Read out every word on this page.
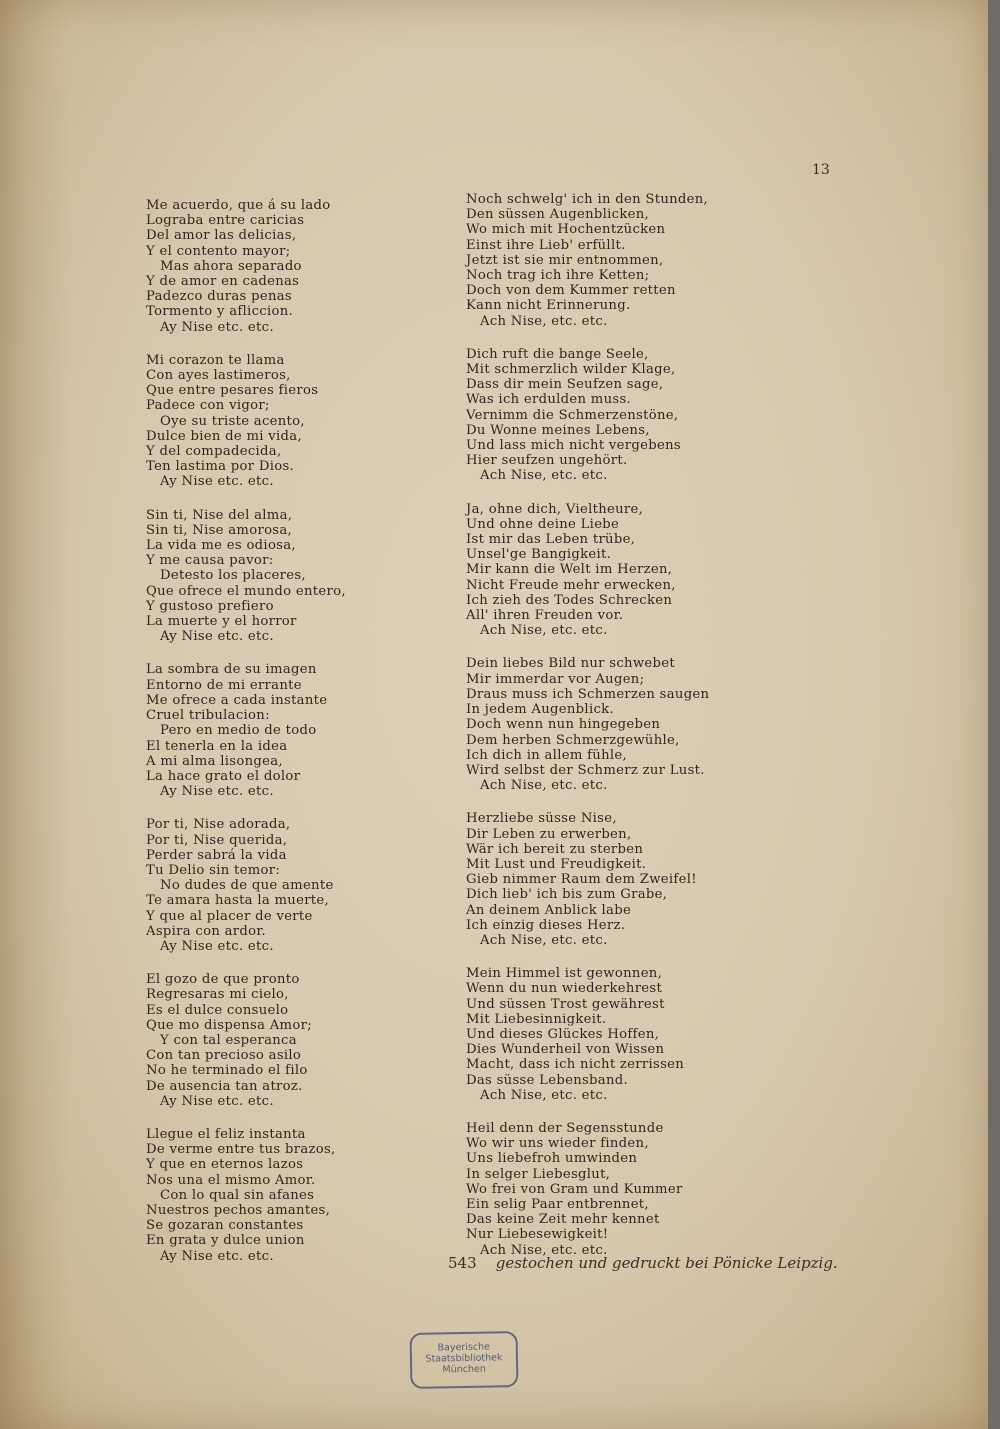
13
Me acuerdo, que á su lado
Lograba entre caricias
Del amor las delicias,
Y el contento mayor;
Mas ahora separado
Y de amor en cadenas
Padezco duras penas
Tormento y afliccion.
Ay Nise etc. etc.
Mi corazon te llama
Con ayes lastimeros,
Que entre pesares fieros
Padece con vigor;
Oye su triste acento,
Dulce bien de mi vida,
Y del compadecida,
Ten lastima por Dios.
Ay Nise etc. etc.
Sin ti, Nise del alma,
Sin ti, Nise amorosa,
La vida me es odiosa,
Y me causa pavor:
Detesto los placeres,
Que ofrece el mundo entero,
Y gustoso prefiero
La muerte y el horror
Ay Nise etc. etc.
La sombra de su imagen
Entorno de mi errante
Me ofrece a cada instante
Cruel tribulacion:
Pero en medio de todo
El tenerla en la idea
A mi alma lisongea,
La hace grato el dolor
Ay Nise etc. etc.
Por ti, Nise adorada,
Por ti, Nise querida,
Perder sabrá la vida
Tu Delio sin temor:
No dudes de que amente
Te amara hasta la muerte,
Y que al placer de verte
Aspira con ardor.
Ay Nise etc. etc.
El gozo de que pronto
Regresaras mi cielo,
Es el dulce consuelo
Que mo dispensa Amor;
Y con tal esperanca
Con tan precioso asilo
No he terminado el filo
De ausencia tan atroz.
Ay Nise etc. etc.
Llegue el feliz instanta
De verme entre tus brazos,
Y que en eternos lazos
Nos una el mismo Amor.
Con lo qual sin afanes
Nuestros pechos amantes,
Se gozaran constantes
En grata y dulce union
Ay Nise etc. etc.
Noch schwelg' ich in den Stunden,
Den süssen Augenblicken,
Wo mich mit Hochentzücken
Einst ihre Lieb' erfüllt.
Jetzt ist sie mir entnommen,
Noch trag ich ihre Ketten;
Doch von dem Kummer retten
Kann nicht Erinnerung.
Ach Nise, etc. etc.
Dich ruft die bange Seele,
Mit schmerzlich wilder Klage,
Dass dir mein Seufzen sage,
Was ich erdulden muss.
Vernimm die Schmerzenstöne,
Du Wonne meines Lebens,
Und lass mich nicht vergebens
Hier seufzen ungehört.
Ach Nise, etc. etc.
Ja, ohne dich, Vieltheure,
Und ohne deine Liebe
Ist mir das Leben trübe,
Unsel'ge Bangigkeit.
Mir kann die Welt im Herzen,
Nicht Freude mehr erwecken,
Ich zieh des Todes Schrecken
All' ihren Freuden vor.
Ach Nise, etc. etc.
Dein liebes Bild nur schwebet
Mir immerdar vor Augen;
Draus muss ich Schmerzen saugen
In jedem Augenblick.
Doch wenn nun hingegeben
Dem herben Schmerzgewühle,
Ich dich in allem fühle,
Wird selbst der Schmerz zur Lust.
Ach Nise, etc. etc.
Herzliebe süsse Nise,
Dir Leben zu erwerben,
Wär ich bereit zu sterben
Mit Lust und Freudigkeit.
Gieb nimmer Raum dem Zweifel!
Dich lieb' ich bis zum Grabe,
An deinem Anblick labe
Ich einzig dieses Herz.
Ach Nise, etc. etc.
Mein Himmel ist gewonnen,
Wenn du nun wiederkehrest
Und süssen Trost gewährest
Mit Liebesinnigkeit.
Und dieses Glückes Hoffen,
Dies Wunderheil von Wissen
Macht, dass ich nicht zerrissen
Das süsse Lebensband.
Ach Nise, etc. etc.
Heil denn der Segensstunde
Wo wir uns wieder finden,
Uns liebefroh umwinden
In selger Liebesglut,
Wo frei von Gram und Kummer
Ein selig Paar entbrennet,
Das keine Zeit mehr kennet
Nur Liebesewigkeit!
Ach Nise, etc. etc.
543 gestochen und gedruckt bei Pönicke Leipzig.
Bayerische
Staatsbibliothek
München
